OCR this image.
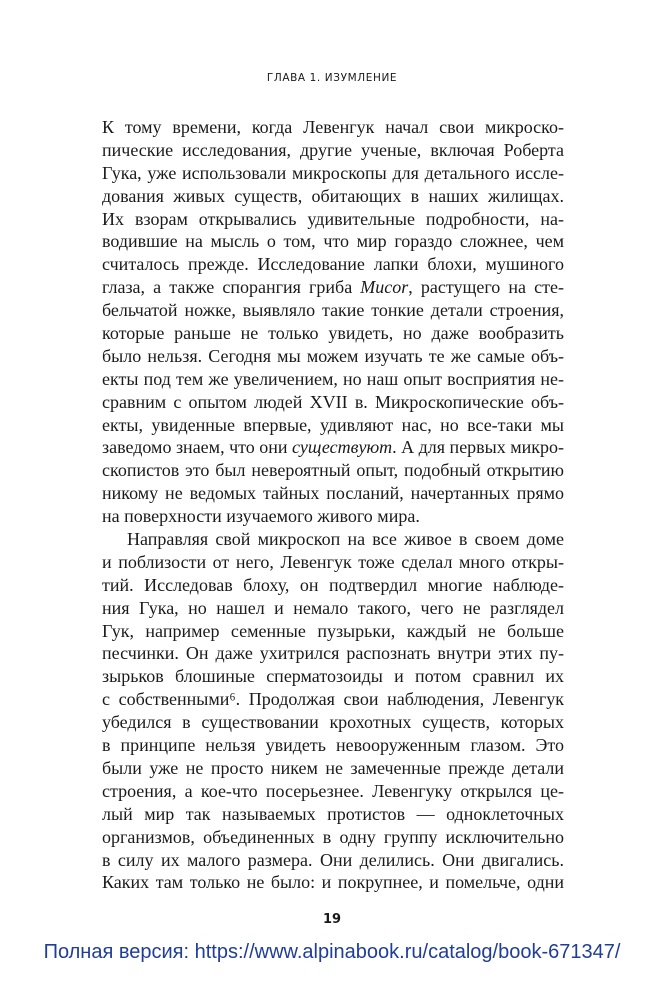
ГЛАВА 1. ИЗУМЛЕНИЕ
К тому времени, когда Левенгук начал свои микроско-
пические исследования, другие ученые, включая Роберта
Гука, уже использовали микроскопы для детального иссле-
дования живых существ, обитающих в наших жилищах.
Их взорам открывались удивительные подробности, на-
водившие на мысль о том, что мир гораздо сложнее, чем
считалось прежде. Исследование лапки блохи, мушиного
глаза, а также спорангия гриба Mucor, растущего на сте-
бельчатой ножке, выявляло такие тонкие детали строения,
которые раньше не только увидеть, но даже вообразить
было нельзя. Сегодня мы можем изучать те же самые объ-
екты под тем же увеличением, но наш опыт восприятия не-
сравним с опытом людей XVII в. Микроскопические объ-
екты, увиденные впервые, удивляют нас, но все-таки мы
заведомо знаем, что они существуют. А для первых микро-
скопистов это был невероятный опыт, подобный открытию
никому не ведомых тайных посланий, начертанных прямо
на поверхности изучаемого живого мира.
Направляя свой микроскоп на все живое в своем доме
и поблизости от него, Левенгук тоже сделал много откры-
тий. Исследовав блоху, он подтвердил многие наблюде-
ния Гука, но нашел и немало такого, чего не разглядел
Гук, например семенные пузырьки, каждый не больше
песчинки. Он даже ухитрился распознать внутри этих пу-
зырьков блошиные сперматозоиды и потом сравнил их
с собственными⁶. Продолжая свои наблюдения, Левенгук
убедился в существовании крохотных существ, которых
в принципе нельзя увидеть невооруженным глазом. Это
были уже не просто никем не замеченные прежде детали
строения, а кое-что посерьезнее. Левенгуку открылся це-
лый мир так называемых протистов — одноклеточных
организмов, объединенных в одну группу исключительно
в силу их малого размера. Они делились. Они двигались.
Каких там только не было: и покрупнее, и помельче, одни
19
Полная версия: https://www.alpinabook.ru/catalog/book-671347/
